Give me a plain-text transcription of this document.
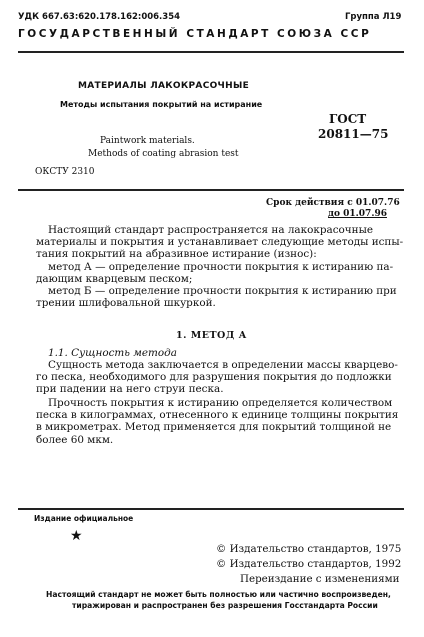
УДК 667.63:620.178.162:006.354	Группа Л19
ГОСУДАРСТВЕННЫЙ СТАНДАРТ СОЮЗА ССР
МАТЕРИАЛЫ ЛАКОКРАСОЧНЫЕ
Методы испытания покрытий на истирание
ГОСТ
20811—75
Paintwork materials.
Methods of coating abrasion test
ОКСТУ 2310
Срок действия с 01.07.76
до 01.07.96
Настоящий стандарт распространяется на лакокрасочные
материалы и покрытия и устанавливает следующие методы испы-
тания покрытий на абразивное истирание (износ):
метод А — определение прочности покрытия к истиранию па-
дающим кварцевым песком;
метод Б — определение прочности покрытия к истиранию при
трении шлифовальной шкуркой.
1. МЕТОД А
1.1. Сущность метода
Сущность метода заключается в определении массы кварцево-
го песка, необходимого для разрушения покрытия до подложки
при падении на него струи песка.
Прочность покрытия к истиранию определяется количеством
песка в килограммах, отнесенного к единице толщины покрытия
в микрометрах. Метод применяется для покрытий толщиной не
более 60 мкм.
Издание официальное
★
© Издательство стандартов, 1975
© Издательство стандартов, 1992
Переиздание с изменениями
Настоящий стандарт не может быть полностью или частично воспроизведен,
тиражирован и распространен без разрешения Госстандарта России
